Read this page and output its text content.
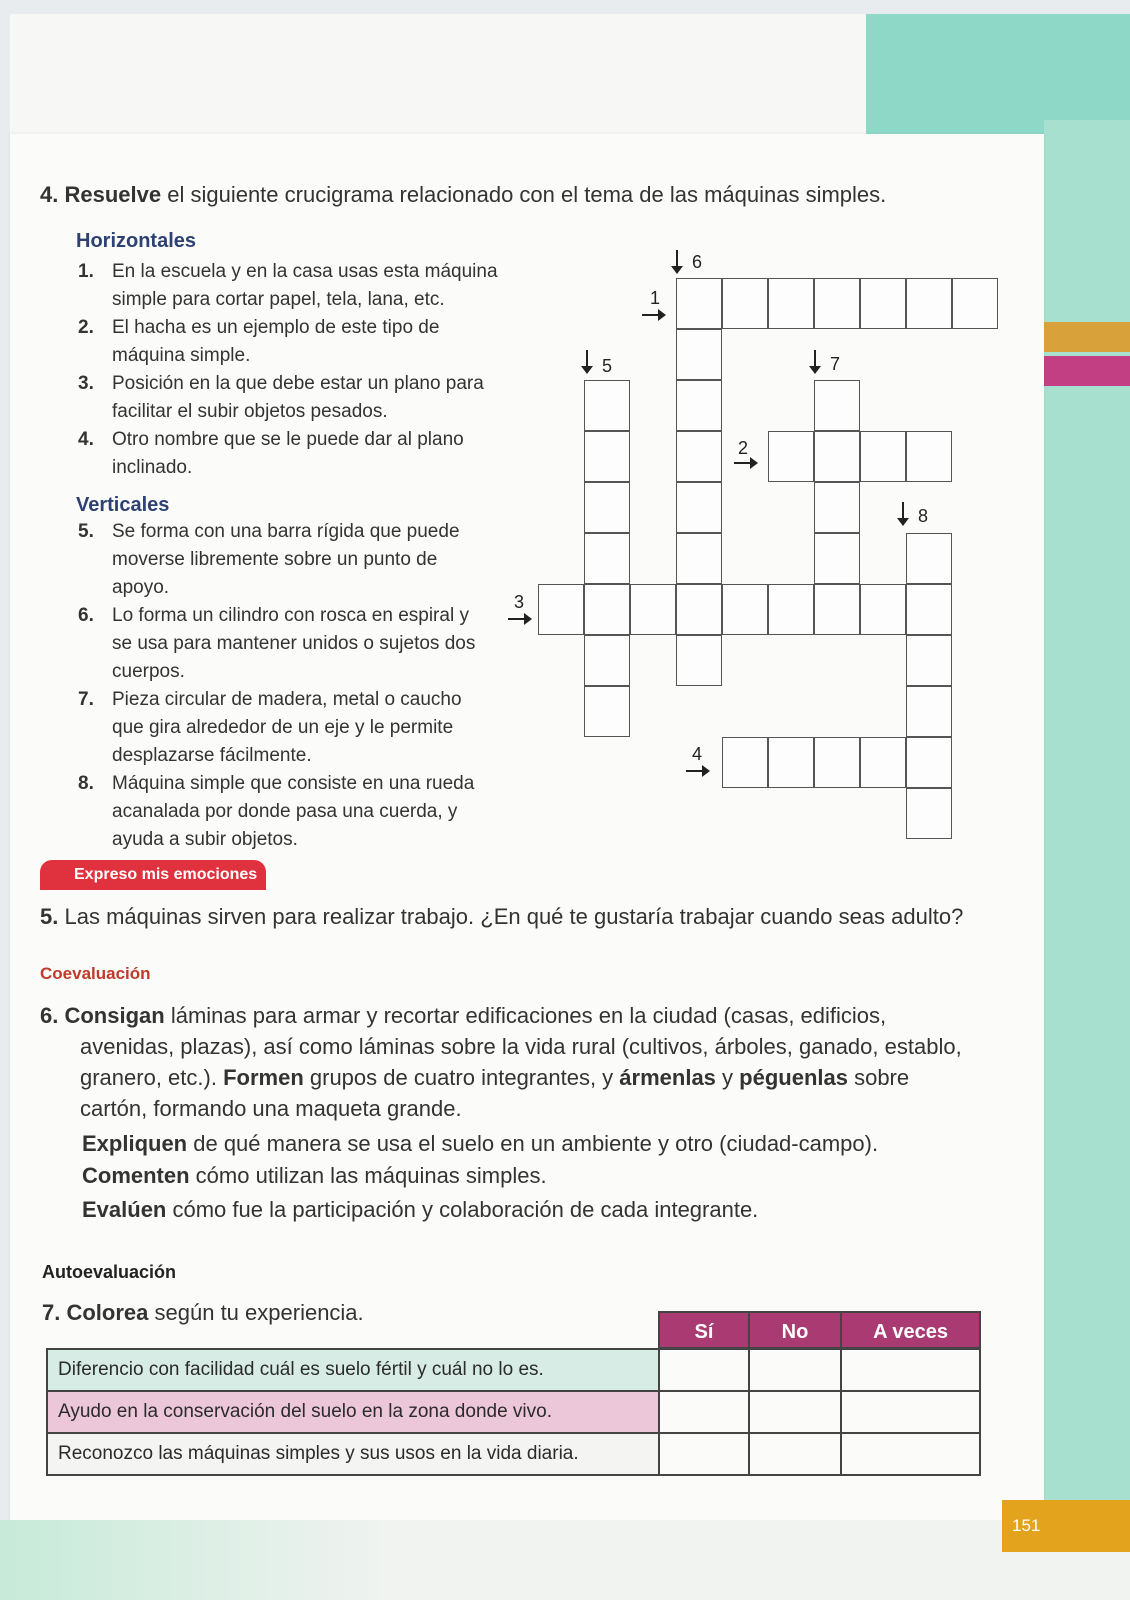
4. Resuelve el siguiente crucigrama relacionado con el tema de las máquinas simples.
Horizontales
1. En la escuela y en la casa usas esta máquina
simple para cortar papel, tela, lana, etc.
2. El hacha es un ejemplo de este tipo de
máquina simple.
3. Posición en la que debe estar un plano para
facilitar el subir objetos pesados.
4. Otro nombre que se le puede dar al plano
inclinado.
Verticales
5. Se forma con una barra rígida que puede
moverse libremente sobre un punto de
apoyo.
6. Lo forma un cilindro con rosca en espiral y
se usa para mantener unidos o sujetos dos
cuerpos.
7. Pieza circular de madera, metal o caucho
que gira alrededor de un eje y le permite
desplazarse fácilmente.
8. Máquina simple que consiste en una rueda
acanalada por donde pasa una cuerda, y
ayuda a subir objetos.
6
1
5	7
2
8
3
4
Expreso mis emociones
5. Las máquinas sirven para realizar trabajo. ¿En qué te gustaría trabajar cuando seas adulto?
Coevaluación
6. Consigan láminas para armar y recortar edificaciones en la ciudad (casas, edificios,
avenidas, plazas), así como láminas sobre la vida rural (cultivos, árboles, ganado, establo,
granero, etc.). Formen grupos de cuatro integrantes, y ármenlas y péguenlas sobre
cartón, formando una maqueta grande.
Expliquen de qué manera se usa el suelo en un ambiente y otro (ciudad-campo).
Comenten cómo utilizan las máquinas simples.
Evalúen cómo fue la participación y colaboración de cada integrante.
Autoevaluación
7. Colorea según tu experiencia.
Sí	No	A veces
Diferencio con facilidad cuál es suelo fértil y cuál no lo es.
Ayudo en la conservación del suelo en la zona donde vivo.
Reconozco las máquinas simples y sus usos en la vida diaria.
151
